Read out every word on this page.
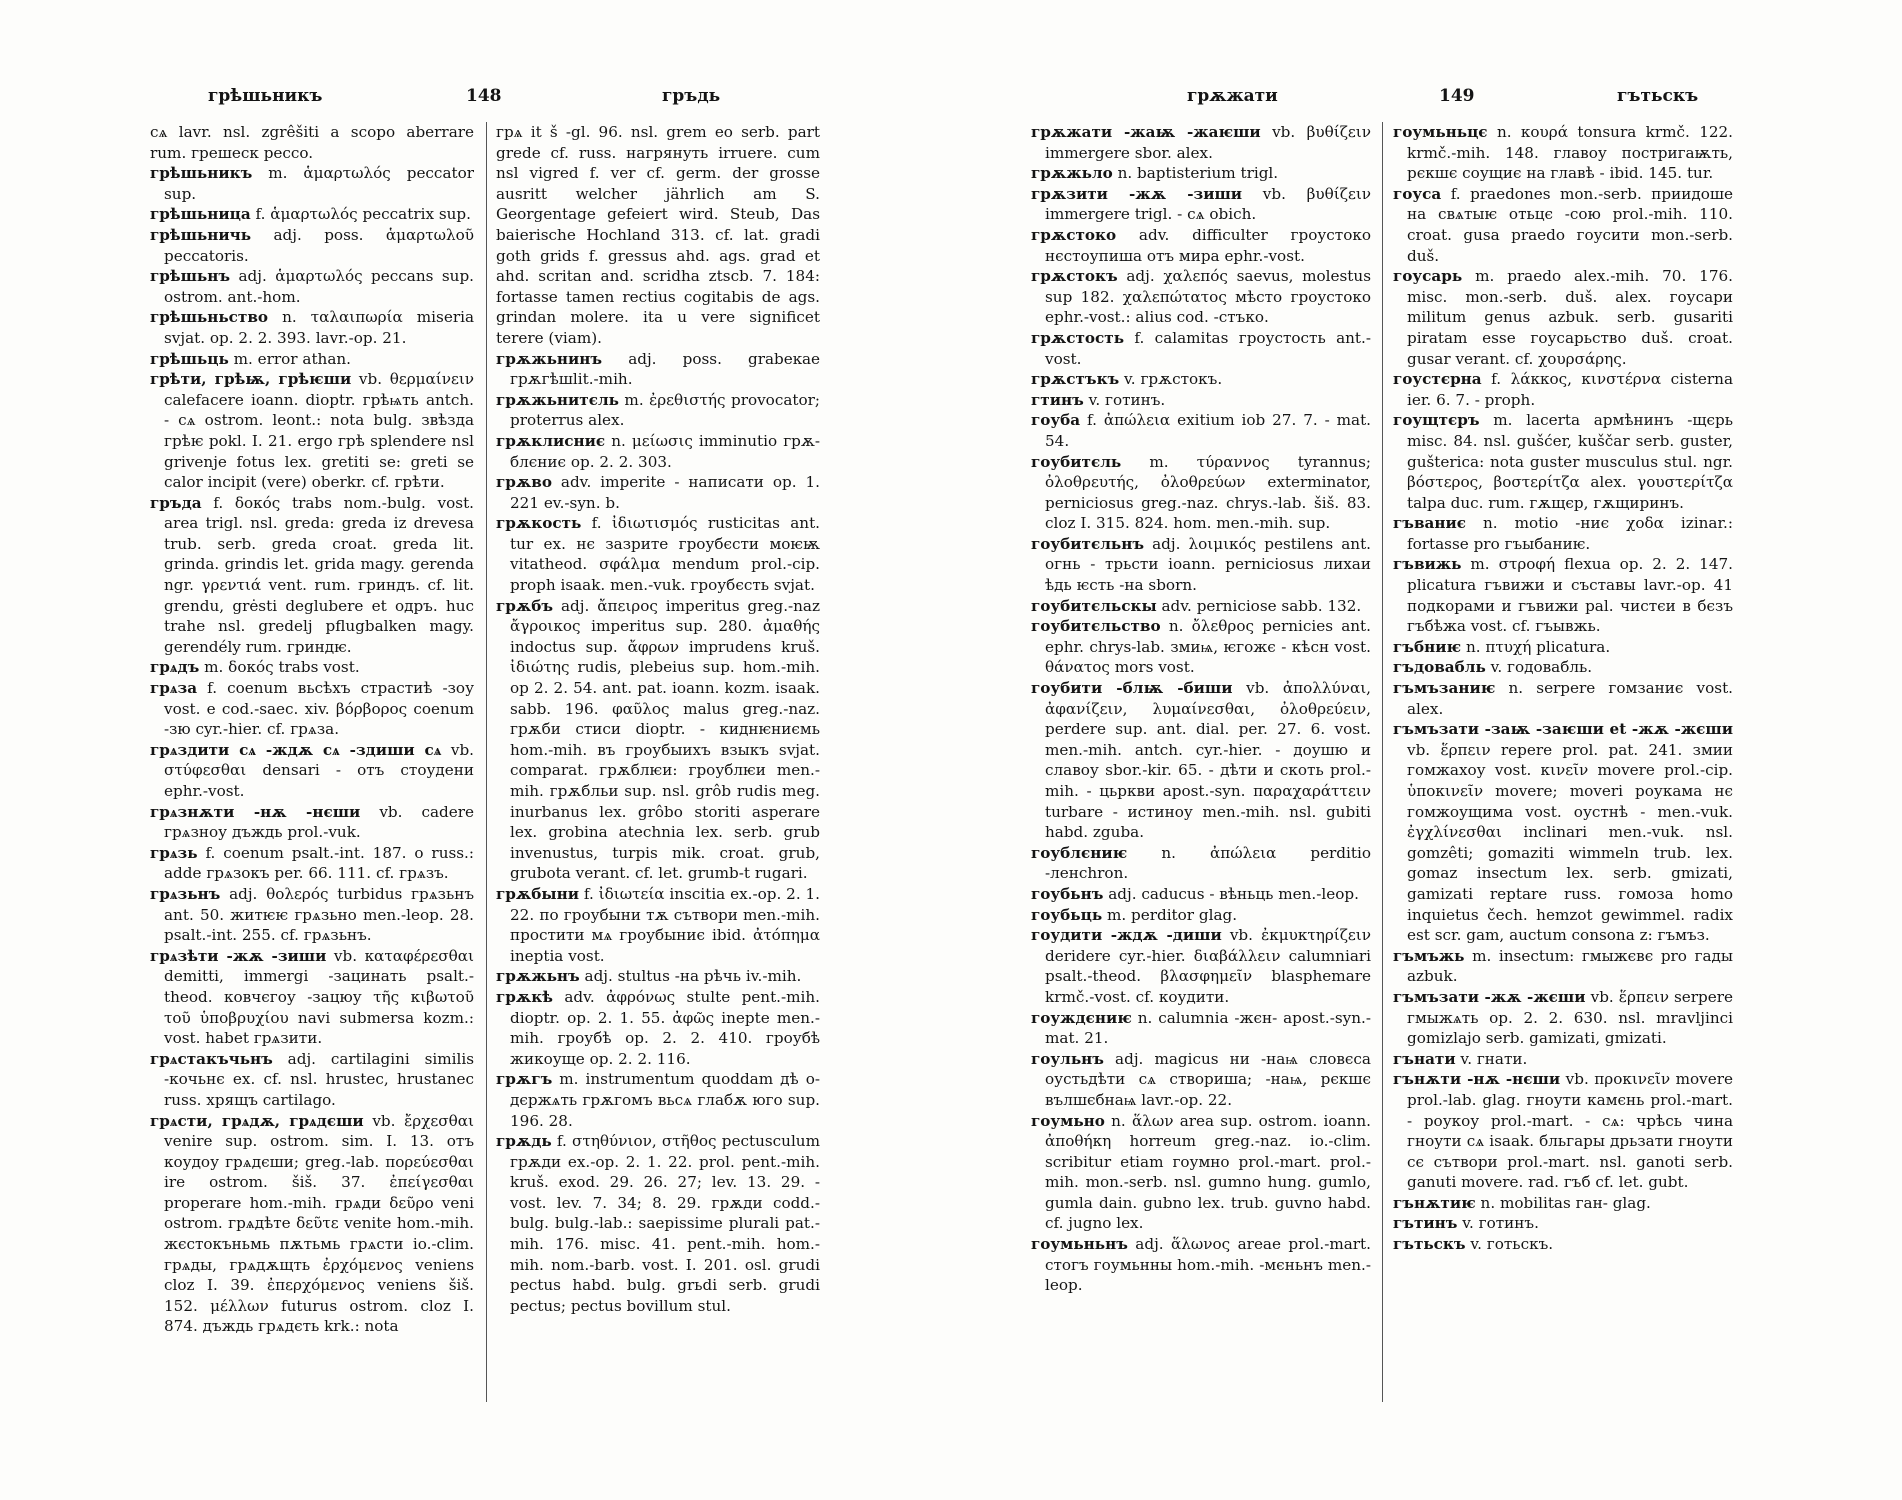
грѣшьникъ	148	гръдь

сѧ lavr. nsl. zgrêšiti a scopo aberrare rum. грешеск pecco.

грѣшьникъ m. ἁμαρτωλός peccator sup.

грѣшьница f. ἁμαρτωλός peccatrix sup.

грѣшьничь adj. poss. ἁμαρτωλοῦ peccatoris.

грѣшьнъ adj. ἁμαρτωλός peccans sup. ostrom. ant.-hom.

грѣшьньство n. ταλαιπωρία miseria svjat. op. 2. 2. 393. lavr.-op. 21.

грѣшьць m. error athan.

грѣти, грѣѭ, грѣѥши vb. θερμαίνειν calefacere ioann. dioptr. грѣѩть antch. - сѧ ostrom. leont.: nota bulg. звѣзда грѣѥ pokl. I. 21. ergo грѣ splendere nsl grivenje fotus lex. gretiti se: greti se calor incipit (vere) oberkr. cf. грѣти.

гръда f. δοκός trabs nom.-bulg. vost. area trigl. nsl. greda: greda iz drevesa trub. serb. greda croat. greda lit. grinda. grindis let. grida magy. gerenda ngr. γρεντιά vent. rum. гриндъ. cf. lit. grendu, grėsti deglubere et одръ. huc trahe nsl. gredelj pflugbalken magy. gerendély rum. гриндѥ.

грѧдъ m. δοκός trabs vost.

грѧза f. coenum вьсѣхъ страстиѣ -зоу vost. e cod.-saec. xiv. βόρβορος coenum -зю cyr.-hier. cf. грѧза.

грѧздити сѧ -ждѫ сѧ -здиши сѧ vb. στύφεσθαι densari - отъ стоудени ephr.-vost.

грѧзнѫти -нѫ -нєши vb. cadere грѧзноу дъждь prol.-vuk.

грѧзь f. coenum psalt.-int. 187. o russ.: adde грѧзокъ per. 66. 111. cf. грѧзъ.

грѧзьнъ adj. θολερός turbidus грѧзьнъ ant. 50. житѥѥ грѧзьно men.-leop. 28. psalt.-int. 255. cf. грѧзьнъ.

грѧзѣти -жѫ -зиши vb. καταφέρεσθαι demitti, immergi -зацинать psalt.-theod. ковчєгоу -зацюу τῆς κιβωτοῦ τοῦ ὑποβρυχίου navi submersa kozm.: vost. habet грѧзити.

грѧстакъчьнъ adj. cartilagini similis -кочьнє ex. cf. nsl. hrustec, hrustanec russ. хрящъ cartilago.

грѧсти, грѧдѫ, грѧдєши vb. ἔρχεσθαι venire sup. ostrom. sim. I. 13. отъ коудоу грѧдєши; greg.-lab. πορεύεσθαι ire ostrom. šiš. 37. ἐπείγεσθαι properare hom.-mih. грѧди δεῦρο veni ostrom. грѧдѣте δεῦτε venite hom.-mih. жєстокъньмь пѫтьмь грѧсти io.-clim. грѧды, грѧдѫщть ἐρχόμενος veniens cloz I. 39. ἐπερχόμενος veniens šiš. 152. μέλλων futurus ostrom. cloz I. 874. дъждь грѧдєть krk.: nota

грѧ it š -gl. 96. nsl. grem eo serb. part grede cf. russ. нагрянуть irruere. cum nsl vigred f. ver cf. germ. der grosse ausritt welcher jährlich am S. Georgentage gefeiert wird. Steub, Das baierische Hochland 313. cf. lat. gradi goth grids f. gressus ahd. ags. grad et ahd. scritan and. scridha ztscb. 7. 184: fortasse tamen rectius cogitabis de ags. grindan molere. ita u vere significet terere (viam).

грѫжьнинъ adj. poss. grabeĸаe грѫгѣшlit.-mih.

грѫжьнитєль m. ἐρεθιστής provocator; proterrus alex.

грѫклисниє n. μείωσις imminutio грѫ- блєниє op. 2. 2. 303.

грѫво adv. imperite - написати op. 1. 221 ev.-syn. b.

грѫкость f. ἰδιωτισμός rusticitas ant. tur ex. нє зазрите гроубєсти моѥѭ vitatheod. σφάλμα mendum prol.-cip. proph isaak. men.-vuk. гроубєсть svjat.

грѫбъ adj. ἄπειρος imperitus greg.-naz ἄγροικος imperitus sup. 280. ἀμαθής indoctus sup. ἄφρων imprudens kruš. ἰδιώτης rudis, plebeius sup. hom.-mih. op 2. 2. 54. ant. pat. ioann. kozm. isaak. sabb. 196. φαῦλος malus greg.-naz. грѫби стиси dioptr. - киднѥниємь hom.-mih. въ гроубыихъ взыкъ svjat. comparat. грѫблѥи: гроублѥи men.-mih. грѫбльи sup. nsl. grôb rudis meg. inurbanus lex. grôbo storiti asperare lex. grobina atechnia lex. serb. grub invenustus, turpis mik. croat. grub, grubota verant. cf. let. grumb-t rugari.

грѫбыни f. ἰδιωτεία inscitia ex.-op. 2. 1. 22. по гроубыни тѫ сътвори men.-mih. простити мѧ гроубыниє ibid. ἀτόπημα ineptia vost.

грѫжьнъ adj. stultus -на рѣчь iv.-mih.

грѫкѣ adv. ἀφρόνως stulte pent.-mih. dioptr. op. 2. 1. 55. ἀφῶς inepte men.-mih. гроубѣ op. 2. 2. 410. гроубѣ жикоуще op. 2. 2. 116.

грѫгъ m. instrumentum quoddam дѣ o- дєржѧть грѫгомъ вьсѧ глабѫ юго sup. 196. 28.

грѫдь f. στηθύνιον, στῆθος pectusculum грѫди ex.-op. 2. 1. 22. prol. pent.-mih. kruš. exod. 29. 26. 27; lev. 13. 29. - vost. lev. 7. 34; 8. 29. грѫди codd.-bulg. bulg.-lab.: saepissime plurali pat.-mih. 176. misc. 41. pent.-mih. hom.-mih. nom.-barb. vost. I. 201. osl. grudi pectus habd. bulg. grьdi serb. grudi pectus; pectus bovillum stul.

грѫжати	149	гътьскъ

грѫжати -жаѭ -жаѥши vb. βυθίζειν immergere sbor. alex.

грѫжьло n. baptisterium trigl.

грѫзити -жѫ -зиши vb. βυθίζειν immergere trigl. - сѧ obich.

грѫстоко adv. difficulter гроустоко нєстоупиша отъ мира ephr.-vost.

грѫстокъ adj. χαλεπός saevus, molestus sup 182. χαλεπώτατος мѣсто гроустоко ephr.-vost.: alius cod. -стъко.

грѫстость f. calamitas гроустость ant.-vost.

грѫстъкъ v. грѫстокъ.

гтинъ v. готинъ.

гоуба f. ἀπώλεια exitium iob 27. 7. - mat. 54.

гоубитєль m. τύραννος tyrannus; ὀλοθρευτής, ὀλοθρεύων exterminator, perniciosus greg.-naz. chrys.-lab. šiš. 83. cloz I. 315. 824. hom. men.-mih. sup.

гоубитєльнъ adj. λοιμικός pestilens ant. огнь - трьсти ioann. perniciosus лихаи ѣдь ѥсть -на sborn.

гоубитєльскы adv. perniciose sabb. 132.

гоубитєльство n. ὄλεθρος pernicies ant. ephr. chrys-lab. змиѩ, ѥгожє - кѣсн vost. θάνατος mors vost.

гоубити -блѭ -биши vb. ἀπολλύναι, ἀφανίζειν, λυμαίνεσθαι, ὀλοθρεύειν, perdere sup. ant. dial. per. 27. 6. vost. men.-mih. antch. cyr.-hier. - доушю и славоу sbor.-kir. 65. - дѣти и скоть prol.-mih. - цьркви apost.-syn. παραχαράττειν turbare - истиноу men.-mih. nsl. gubiti habd. zgubа.

гоублєниѥ n. ἀπώλεια perditio -ленchron.

гоубьнъ adj. caducus - вѣньць men.-leop.

гоубьць m. perditor glag.

гоудити -ждѫ -диши vb. ἐκμυκτηρίζειν deridere cyr.-hier. διαβάλλειν calumniari psalt.-theod. βλασφημεῖν blasphemare krmč.-vost. cf. коудити.

гоуждєниѥ n. calumnia -жєн- apost.-syn.-mat. 21.

гоульнъ adj. magicus ни -наѩ словєса оустьдѣти сѧ створиша; -наѩ, рєкшє вълшєбнаѩ lavr.-op. 22.

гоумьно n. ἅλων area sup. ostrom. ioann. ἀποθήκη horreum greg.-naz. io.-clim. scribitur etiam гоумно prol.-mart. prol.-mih. mon.-serb. nsl. gumno hung. gumlo, gumla dain. gubno lex. trub. guvno habd. cf. jugno lex.

гоумьньнъ adj. ἅλωνος areae prol.-mart. стогъ гоумьнны hom.-mih. -мєньнъ men.-leop.

гоумьньцє n. κουρά tonsura krmč. 122. krmč.-mih. 148. главоу постригаѭть, рєкшє соущиє на главѣ - ibid. 145. tur.

гоуса f. praedones mon.-serb. приидоше на свѧтыѥ отьцє -сою prol.-mih. 110. croat. gusa praedo гоусити mon.-serb. duš.

гоусарь m. praedo alex.-mih. 70. 176. misc. mon.-serb. duš. alex. гоусари militum genus azbuk. serb. gusariti piratam esse гоусарьство duš. croat. gusar verant. cf. χουρσάρης.

гоустєрна f. λάκκος, κινστέρνα cisterna ier. 6. 7. - proph.

гоущтєръ m. lacerta армѣнинъ -щєрь misc. 84. nsl. gušćer, kuščar serb. guster, gušterica: nota guster musculus stul. ngr. βόστερος, βοστερίτζα alex. γουστερίτζα talpa duc. rum. гѫщєр, гѫщиринъ.

гъваниє n. motio -ниє χοδα izinar.: fortasse pro гъыбаниѥ.

гъвижь m. στροφή flexua op. 2. 2. 147. plicatura гъвижи и съставы lavr.-op. 41 подкорами и гъвижи pal. чистєи в бєзъ гъбѣжа vost. cf. гъывжь.

гъбниѥ n. πτυχή plicatura.

гъдовабль v. годовабль.

гъмъзаниѥ n. serpere гомзаниє vost. alex.

гъмъзати -заѭ -заѥши et -жѫ -жєши vb. ἕρπειν repere prol. pat. 241. змии гомжахоу vost. κινεῖν movere prol.-cip. ὑποκινεῖν movere; moveri роукама нє гомжоущима vost. оустнѣ - men.-vuk. ἐγχλίνεσθαι inclinari men.-vuk. nsl. gomzêti; gomaziti wimmeln trub. lex. gomaz insectum lex. serb. gmizati, gamizati reptare russ. гомоза homo inquietus čech. hemzot gewimmel. radix est scr. gam, auctum consona z: гъмъз.

гъмъжь m. insectum: гмыжєвє pro гады azbuk.

гъмъзати -жѫ -жєши vb. ἕρπειν serpere гмыжѧть op. 2. 2. 630. nsl. mravljinci gomizlajo serb. gamizati, gmizati.

гънати v. гнати.

гънѫти -нѫ -нєши vb. προκινεῖν movere prol.-lab. glag. гноути камєнь prol.-mart. - роукоу prol.-mart. - сѧ: чрѣсь чина гноути сѧ isaak. бльгары дрьзати гноути сє сътвори prol.-mart. nsl. ganoti serb. ganuti movere. rad. гъб cf. let. gubt.

гънѫтиѥ n. mobilitas ган- glag.

гътинъ v. готинъ.

гътьскъ v. готьскъ.
